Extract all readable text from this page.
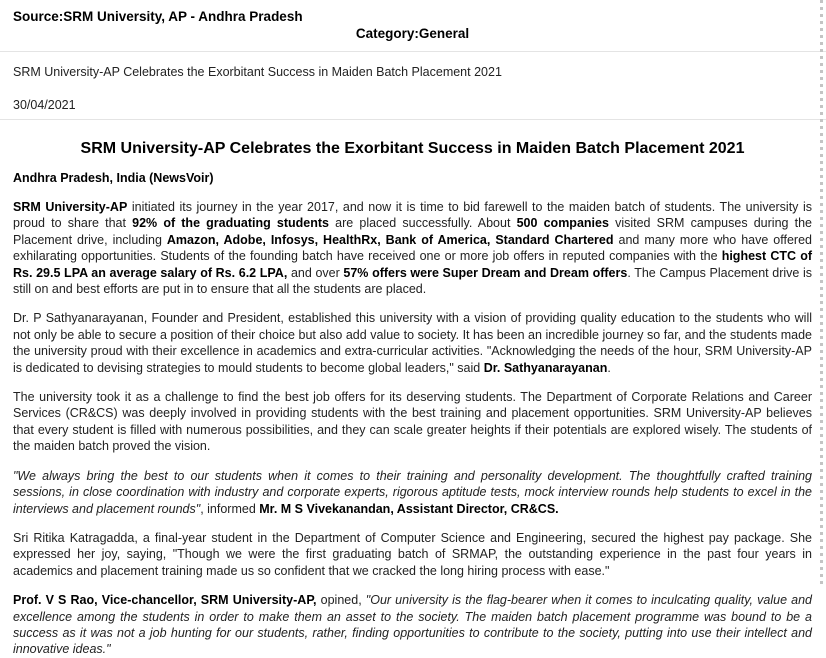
Source:SRM University, AP - Andhra Pradesh
Category:General
SRM University-AP Celebrates the Exorbitant Success in Maiden Batch Placement 2021
30/04/2021
SRM University-AP Celebrates the Exorbitant Success in Maiden Batch Placement 2021
Andhra Pradesh, India (NewsVoir)

SRM University-AP initiated its journey in the year 2017, and now it is time to bid farewell to the maiden batch of students. The university is proud to share that 92% of the graduating students are placed successfully. About 500 companies visited SRM campuses during the Placement drive, including Amazon, Adobe, Infosys, HealthRx, Bank of America, Standard Chartered and many more who have offered exhilarating opportunities. Students of the founding batch have received one or more job offers in reputed companies with the highest CTC of Rs. 29.5 LPA an average salary of Rs. 6.2 LPA, and over 57% offers were Super Dream and Dream offers. The Campus Placement drive is still on and best efforts are put in to ensure that all the students are placed.

Dr. P Sathyanarayanan, Founder and President, established this university with a vision of providing quality education to the students who will not only be able to secure a position of their choice but also add value to society. It has been an incredible journey so far, and the students made the university proud with their excellence in academics and extra-curricular activities. "Acknowledging the needs of the hour, SRM University-AP is dedicated to devising strategies to mould students to become global leaders," said Dr. Sathyanarayanan.

The university took it as a challenge to find the best job offers for its deserving students. The Department of Corporate Relations and Career Services (CR&CS) was deeply involved in providing students with the best training and placement opportunities. SRM University-AP believes that every student is filled with numerous possibilities, and they can scale greater heights if their potentials are explored wisely. The students of the maiden batch proved the vision.

"We always bring the best to our students when it comes to their training and personality development. The thoughtfully crafted training sessions, in close coordination with industry and corporate experts, rigorous aptitude tests, mock interview rounds help students to excel in the interviews and placement rounds", informed Mr. M S Vivekanandan, Assistant Director, CR&CS.

Sri Ritika Katragadda, a final-year student in the Department of Computer Science and Engineering, secured the highest pay package. She expressed her joy, saying, "Though we were the first graduating batch of SRMAP, the outstanding experience in the past four years in academics and placement training made us so confident that we cracked the long hiring process with ease."

Prof. V S Rao, Vice-chancellor, SRM University-AP, opined, "Our university is the flag-bearer when it comes to inculcating quality, value and excellence among the students in order to make them an asset to the society. The maiden batch placement programme was bound to be a success as it was not a job hunting for our students, rather, finding opportunities to contribute to the society, putting into use their intellect and innovative ideas."
